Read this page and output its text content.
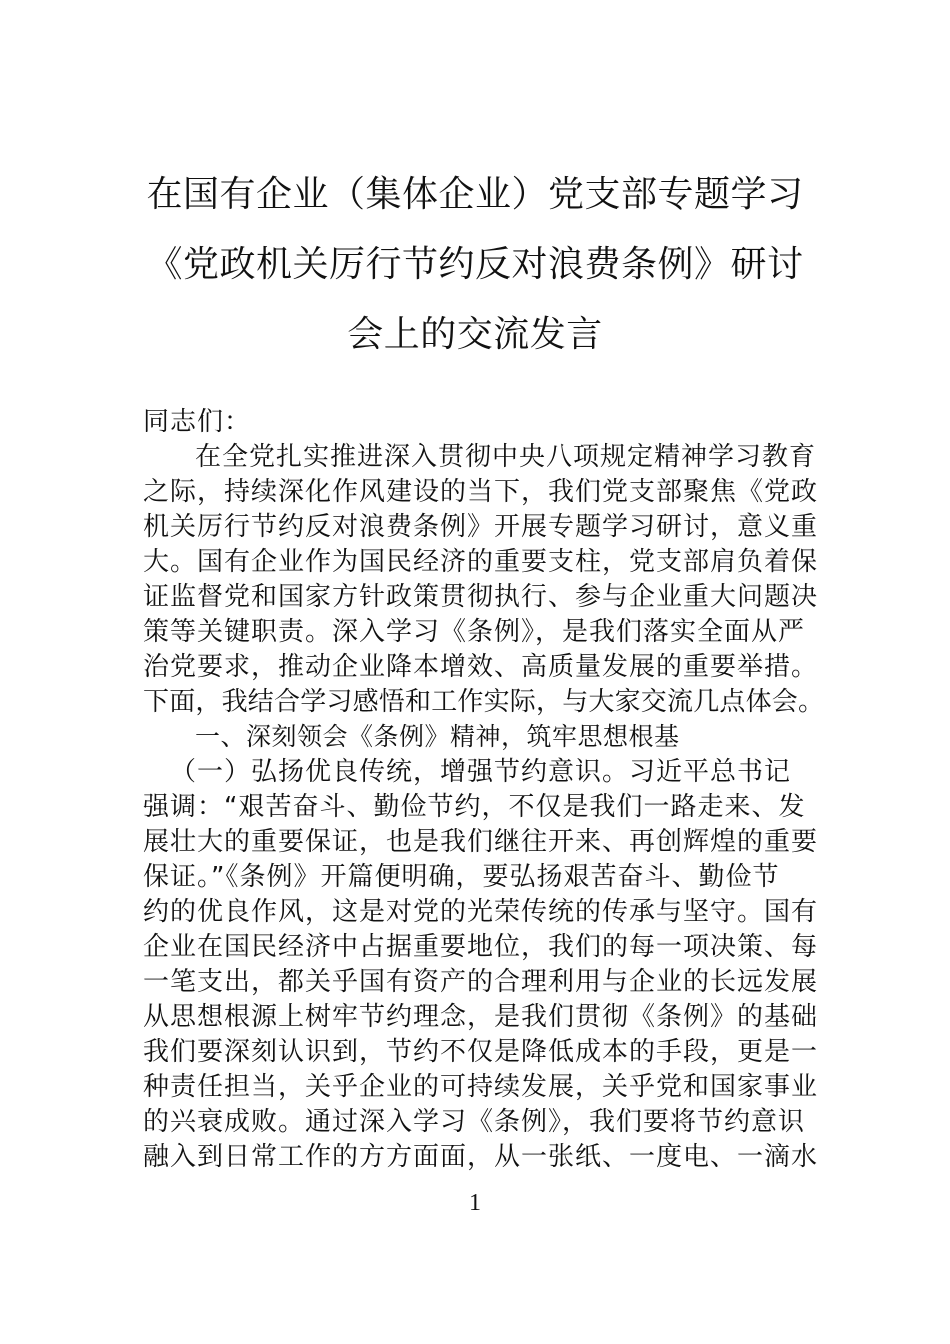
在国有企业（集体企业）党支部专题学习
《党政机关厉行节约反对浪费条例》研讨
会上的交流发言
同志们：
在全党扎实推进深入贯彻中央八项规定精神学习教育
之际，持续深化作风建设的当下，我们党支部聚焦《党政
机关厉行节约反对浪费条例》开展专题学习研讨，意义重
大。国有企业作为国民经济的重要支柱，党支部肩负着保
证监督党和国家方针政策贯彻执行、参与企业重大问题决
策等关键职责。深入学习《条例》，是我们落实全面从严
治党要求，推动企业降本增效、高质量发展的重要举措。
下面，我结合学习感悟和工作实际，与大家交流几点体会。
一、深刻领会《条例》精神，筑牢思想根基
（一）弘扬优良传统，增强节约意识。习近平总书记
强调：“艰苦奋斗、勤俭节约，不仅是我们一路走来、发
展壮大的重要保证，也是我们继往开来、再创辉煌的重要
保证。”《条例》开篇便明确，要弘扬艰苦奋斗、勤俭节
约的优良作风，这是对党的光荣传统的传承与坚守。国有
企业在国民经济中占据重要地位，我们的每一项决策、每
一笔支出，都关乎国有资产的合理利用与企业的长远发展
从思想根源上树牢节约理念，是我们贯彻《条例》的基础
我们要深刻认识到，节约不仅是降低成本的手段，更是一
种责任担当，关乎企业的可持续发展，关乎党和国家事业
的兴衰成败。通过深入学习《条例》，我们要将节约意识
融入到日常工作的方方面面，从一张纸、一度电、一滴水
1
